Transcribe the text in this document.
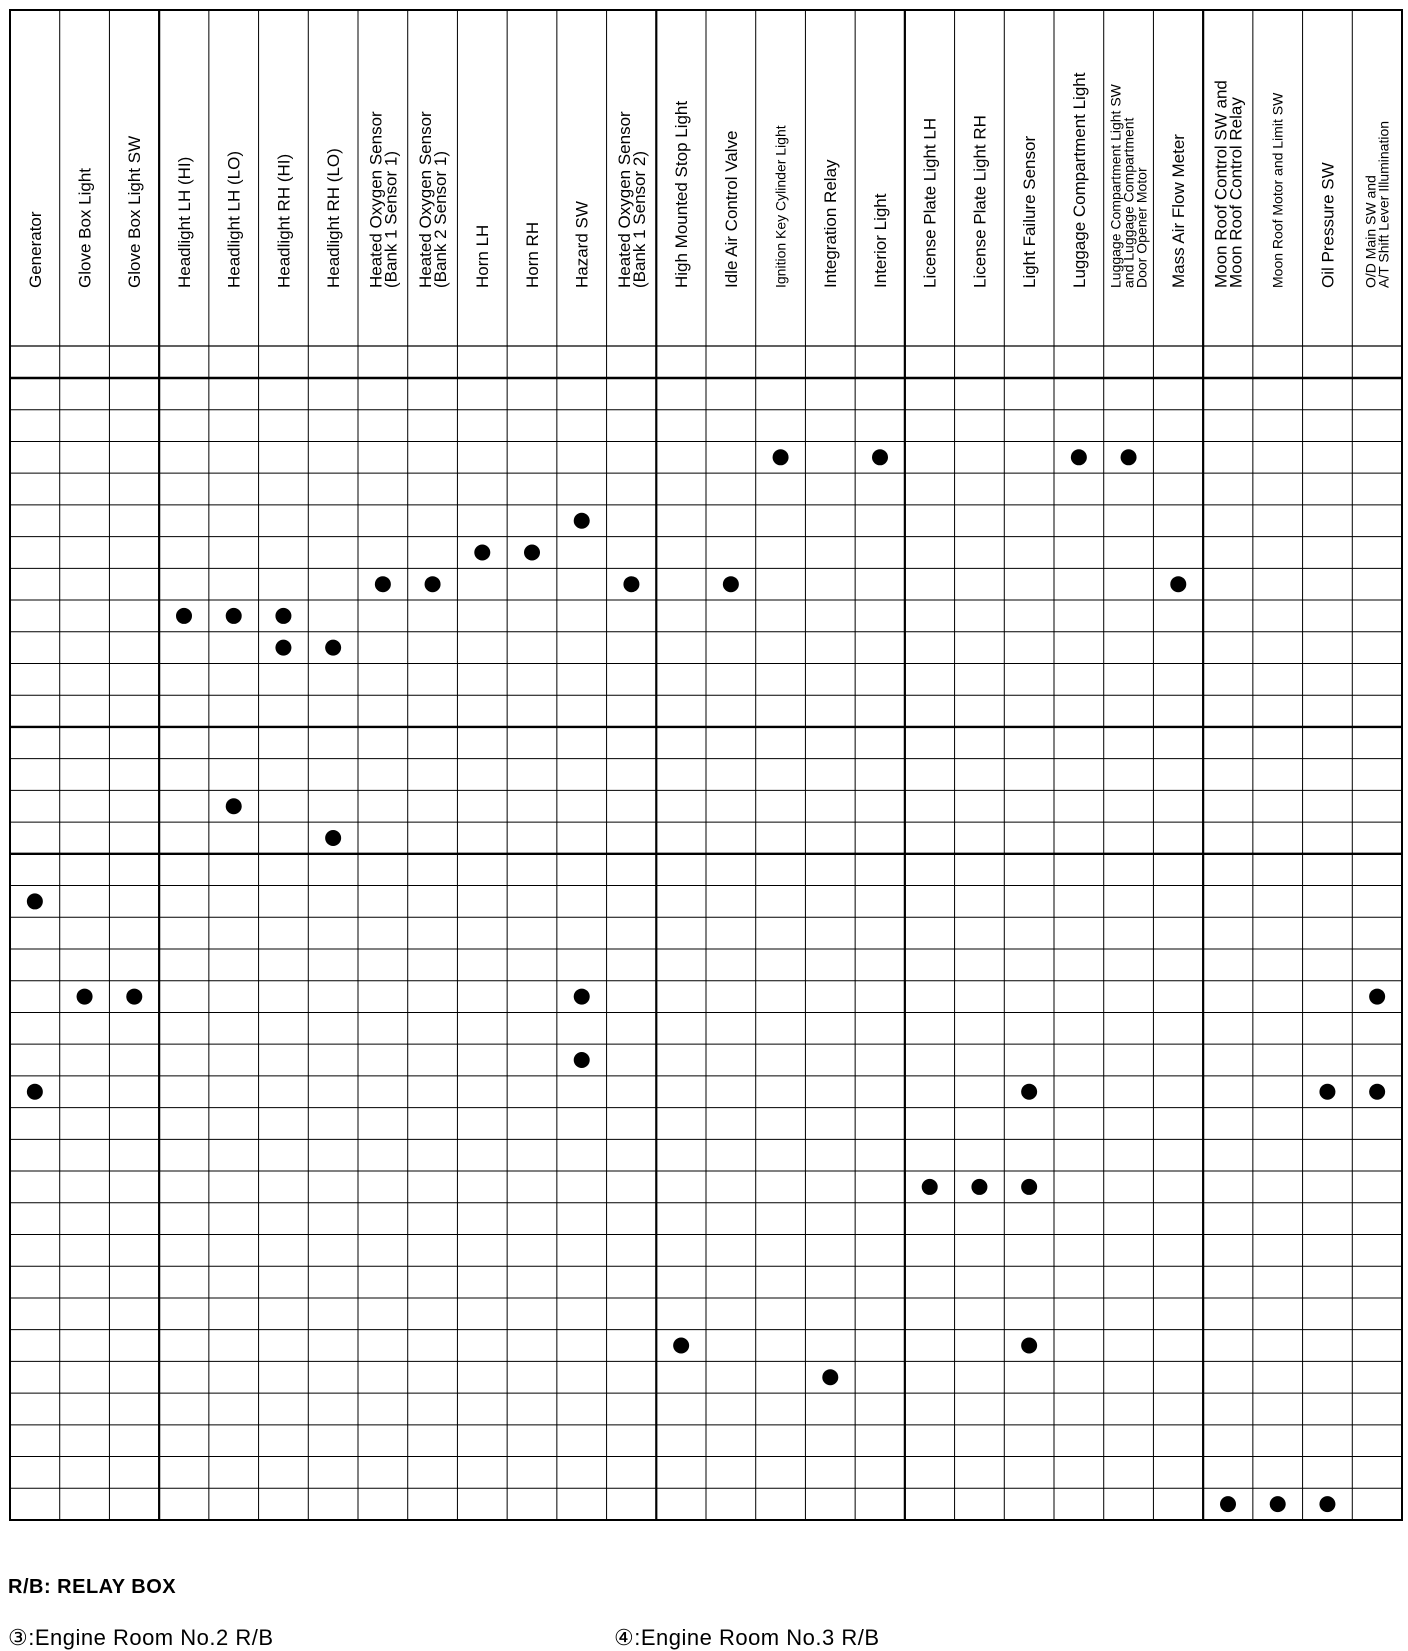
Generator Glove Box Light Glove Box Light SW Headlight LH (HI) Headlight LH (LO) Headlight RH (HI) Headlight RH (LO) Heated Oxygen Sensor
(Bank 1 Sensor 1) Heated Oxygen Sensor
(Bank 2 Sensor 1) Horn LH Horn RH Hazard SW Heated Oxygen Sensor
(Bank 1 Sensor 2) High Mounted Stop Light Idle Air Control Valve Ignition Key Cylinder Light Integration Relay Interior Light License Plate Light LH License Plate Light RH Light Failure Sensor Luggage Compartment Light Luggage Compartment Light SW
and Luggage Compartment
Door Opener Motor Mass Air Flow Meter Moon Roof Control SW and
Moon Roof Control Relay Moon Roof Motor and Limit SW Oil Pressure SW O/D Main SW and
A/T Shift Lever Illumination
R/B: RELAY BOX
③:Engine Room No.2 R/B	④:Engine Room No.3 R/B
